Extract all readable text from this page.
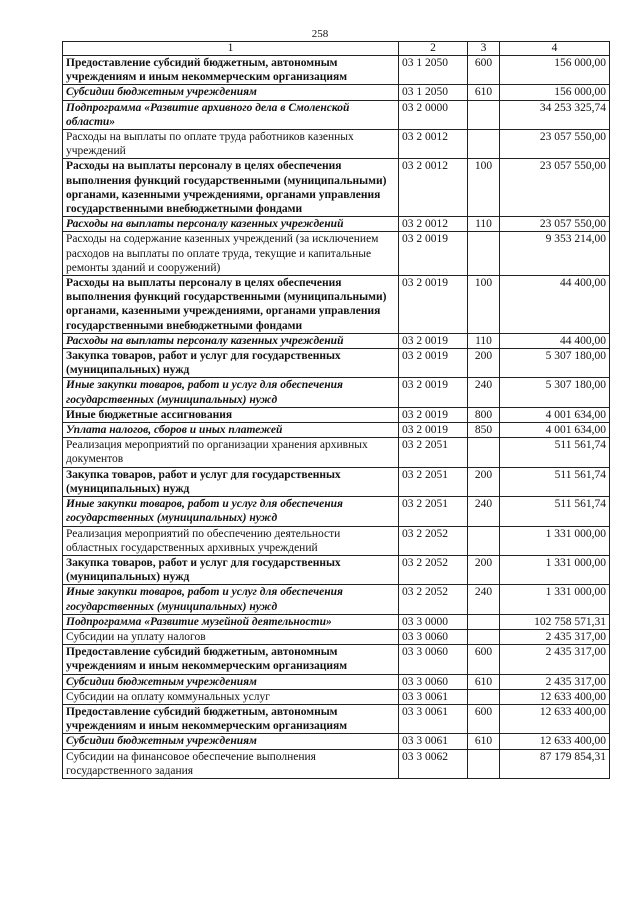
258
1	2	3	4
Предоставление субсидий бюджетным, автономным учреждениям и иным некоммерческим организациям	03 1 2050	600	156 000,00
Субсидии бюджетным учреждениям	03 1 2050	610	156 000,00
Подпрограмма «Развитие архивного дела в Смоленской области»	03 2 0000		34 253 325,74
Расходы на выплаты по оплате труда работников казенных учреждений	03 2 0012		23 057 550,00
Расходы на выплаты персоналу в целях обеспечения выполнения функций государственными (муниципальными) органами, казенными учреждениями, органами управления государственными внебюджетными фондами	03 2 0012	100	23 057 550,00
Расходы на выплаты персоналу казенных учреждений	03 2 0012	110	23 057 550,00
Расходы на содержание казенных учреждений (за исключением расходов на выплаты по оплате труда, текущие и капитальные ремонты зданий и сооружений)	03 2 0019		9 353 214,00
Расходы на выплаты персоналу в целях обеспечения выполнения функций государственными (муниципальными) органами, казенными учреждениями, органами управления государственными внебюджетными фондами	03 2 0019	100	44 400,00
Расходы на выплаты персоналу казенных учреждений	03 2 0019	110	44 400,00
Закупка товаров, работ и услуг для государственных (муниципальных) нужд	03 2 0019	200	5 307 180,00
Иные закупки товаров, работ и услуг для обеспечения государственных (муниципальных) нужд	03 2 0019	240	5 307 180,00
Иные бюджетные ассигнования	03 2 0019	800	4 001 634,00
Уплата налогов, сборов и иных платежей	03 2 0019	850	4 001 634,00
Реализация мероприятий по организации хранения архивных документов	03 2 2051		511 561,74
Закупка товаров, работ и услуг для государственных (муниципальных) нужд	03 2 2051	200	511 561,74
Иные закупки товаров, работ и услуг для обеспечения государственных (муниципальных) нужд	03 2 2051	240	511 561,74
Реализация мероприятий по обеспечению деятельности областных государственных архивных учреждений	03 2 2052		1 331 000,00
Закупка товаров, работ и услуг для государственных (муниципальных) нужд	03 2 2052	200	1 331 000,00
Иные закупки товаров, работ и услуг для обеспечения государственных (муниципальных) нужд	03 2 2052	240	1 331 000,00
Подпрограмма «Развитие музейной деятельности»	03 3 0000		102 758 571,31
Субсидии на уплату налогов	03 3 0060		2 435 317,00
Предоставление субсидий бюджетным, автономным учреждениям и иным некоммерческим организациям	03 3 0060	600	2 435 317,00
Субсидии бюджетным учреждениям	03 3 0060	610	2 435 317,00
Субсидии на оплату коммунальных услуг	03 3 0061		12 633 400,00
Предоставление субсидий бюджетным, автономным учреждениям и иным некоммерческим организациям	03 3 0061	600	12 633 400,00
Субсидии бюджетным учреждениям	03 3 0061	610	12 633 400,00
Субсидии на финансовое обеспечение выполнения государственного задания	03 3 0062		87 179 854,31
